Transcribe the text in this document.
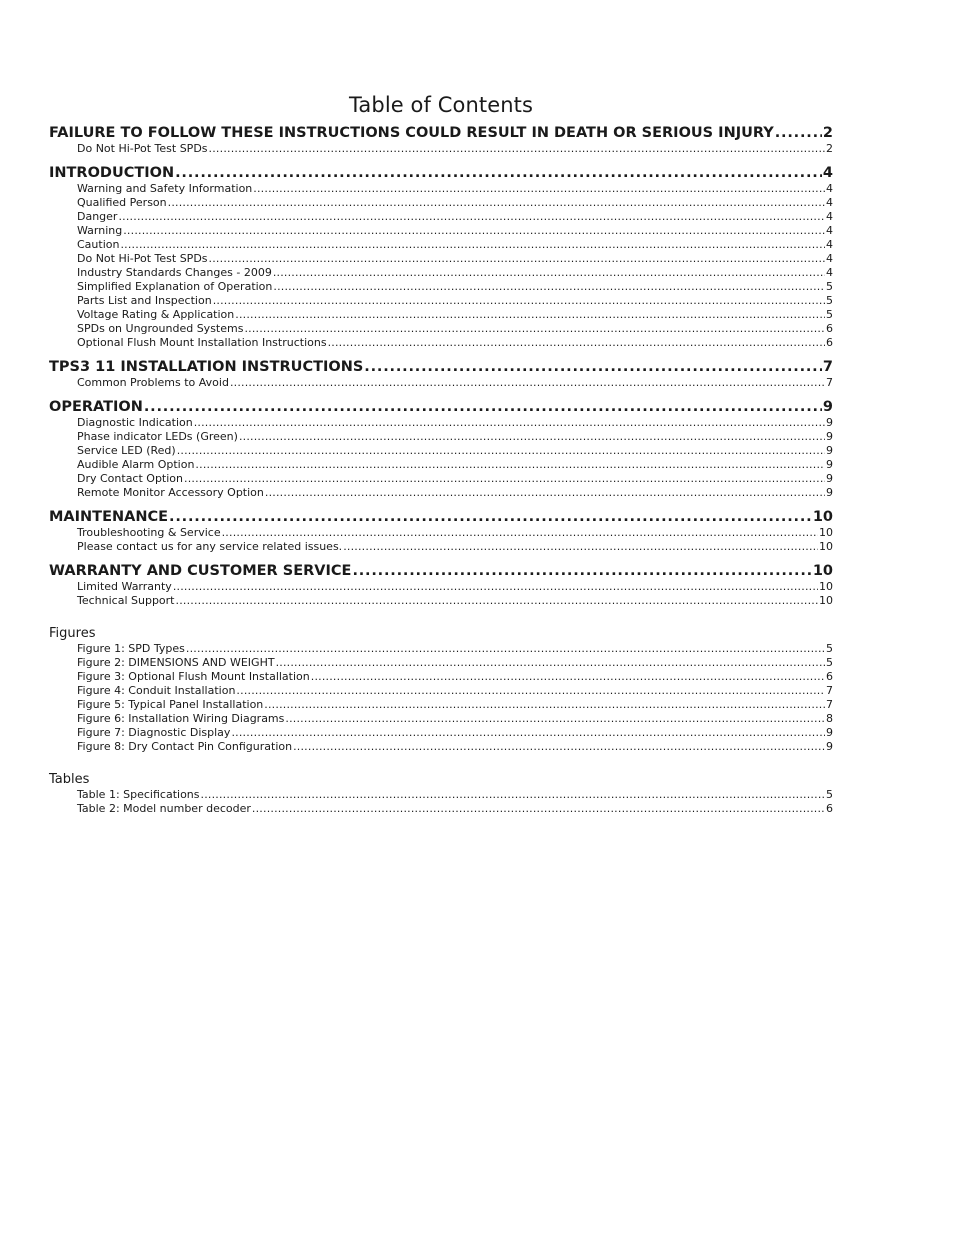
Table of Contents
FAILURE TO FOLLOW THESE INSTRUCTIONS COULD RESULT IN DEATH OR SERIOUS INJURY .....	2
Do Not Hi-Pot Test SPDs .....	2
INTRODUCTION .....	4
Warning and Safety Information .....	4
Qualified Person .....	4
Danger .....	4
Warning .....	4
Caution .....	4
Do Not Hi-Pot Test SPDs .....	4
Industry Standards Changes - 2009 .....	4
Simplified Explanation of Operation .....	5
Parts List and Inspection .....	5
Voltage Rating & Application .....	5
SPDs on Ungrounded Systems .....	6
Optional Flush Mount Installation Instructions .....	6
TPS3 11 INSTALLATION INSTRUCTIONS .....	7
Common Problems to Avoid .....	7
OPERATION .....	9
Diagnostic Indication .....	9
Phase indicator LEDs (Green) .....	9
Service LED (Red) .....	9
Audible Alarm Option .....	9
Dry Contact Option .....	9
Remote Monitor Accessory Option .....	9
MAINTENANCE .....	10
Troubleshooting & Service .....	10
Please contact us for any service related issues. .....	10
WARRANTY AND CUSTOMER SERVICE .....	10
Limited Warranty .....	10
Technical Support .....	10
Figures
Figure 1: SPD Types .....	5
Figure 2: DIMENSIONS AND WEIGHT .....	5
Figure 3: Optional Flush Mount Installation .....	6
Figure 4: Conduit Installation .....	7
Figure 5: Typical Panel Installation .....	7
Figure 6: Installation Wiring Diagrams .....	8
Figure 7: Diagnostic Display .....	9
Figure 8: Dry Contact Pin Configuration .....	9
Tables
Table 1: Specifications .....	5
Table 2: Model number decoder .....	6
